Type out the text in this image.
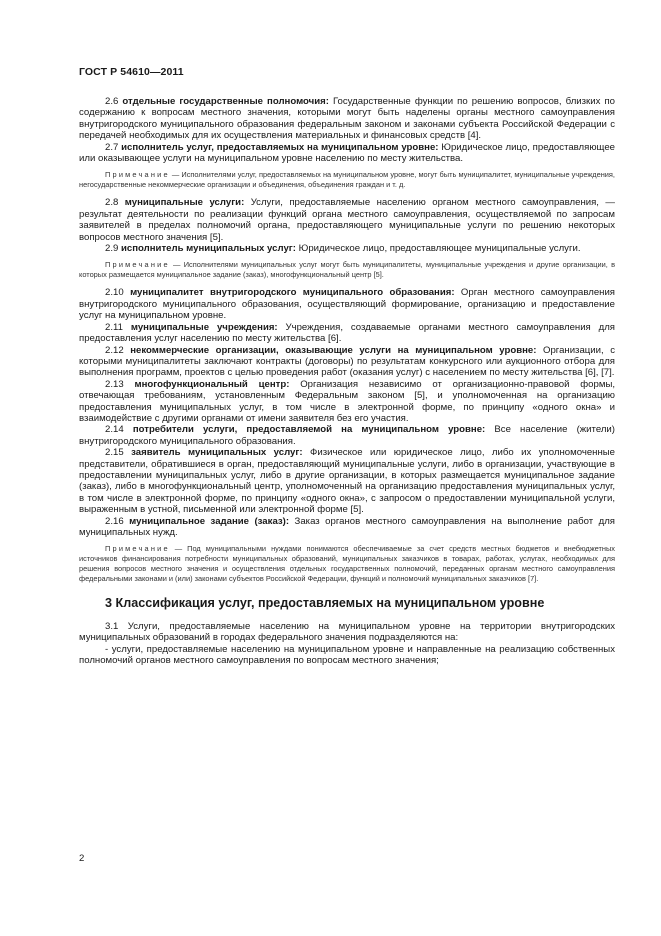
ГОСТ Р 54610—2011

2.6 отдельные государственные полномочия: Государственные функции по решению вопросов, близких по содержанию к вопросам местного значения, которыми могут быть наделены органы местного самоуправления внутригородского муниципального образования федеральным законом и законами субъекта Российской Федерации с передачей необходимых для их осуществления материальных и финансовых средств [4].

2.7 исполнитель услуг, предоставляемых на муниципальном уровне: Юридическое лицо, предоставляющее или оказывающее услуги на муниципальном уровне населению по месту жительства.

Примечание — Исполнителями услуг, предоставляемых на муниципальном уровне, могут быть муниципалитет, муниципальные учреждения, негосударственные некоммерческие организации и объединения, объединения граждан и т. д.

2.8 муниципальные услуги: Услуги, предоставляемые населению органом местного самоуправления, — результат деятельности по реализации функций органа местного самоуправления, осуществляемой по запросам заявителей в пределах полномочий органа, предоставляющего муниципальные услуги по решению некоторых вопросов местного значения [5].

2.9 исполнитель муниципальных услуг: Юридическое лицо, предоставляющее муниципальные услуги.

Примечание — Исполнителями муниципальных услуг могут быть муниципалитеты, муниципальные учреждения и другие организации, в которых размещается муниципальное задание (заказ), многофункциональный центр [5].

2.10 муниципалитет внутригородского муниципального образования: Орган местного самоуправления внутригородского муниципального образования, осуществляющий формирование, организацию и предоставление услуг на муниципальном уровне.

2.11 муниципальные учреждения: Учреждения, создаваемые органами местного самоуправления для предоставления услуг населению по месту жительства [6].

2.12 некоммерческие организации, оказывающие услуги на муниципальном уровне: Организации, с которыми муниципалитеты заключают контракты (договоры) по результатам конкурсного или аукционного отбора для выполнения программ, проектов с целью проведения работ (оказания услуг) с населением по месту жительства [6], [7].

2.13 многофункциональный центр: Организация независимо от организационно-правовой формы, отвечающая требованиям, установленным Федеральным законом [5], и уполномоченная на организацию предоставления муниципальных услуг, в том числе в электронной форме, по принципу «одного окна» и взаимодействие с другими органами от имени заявителя без его участия.

2.14 потребители услуги, предоставляемой на муниципальном уровне: Все население (жители) внутригородского муниципального образования.

2.15 заявитель муниципальных услуг: Физическое или юридическое лицо, либо их уполномоченные представители, обратившиеся в орган, предоставляющий муниципальные услуги, либо в организации, участвующие в предоставлении муниципальных услуг, либо в другие организации, в которых размещается муниципальное задание (заказ), либо в многофункциональный центр, уполномоченный на организацию предоставления муниципальных услуг, в том числе в электронной форме, по принципу «одного окна», с запросом о предоставлении муниципальной услуги, выраженным в устной, письменной или электронной форме [5].

2.16 муниципальное задание (заказ): Заказ органов местного самоуправления на выполнение работ для муниципальных нужд.

Примечание — Под муниципальными нуждами понимаются обеспечиваемые за счет средств местных бюджетов и внебюджетных источников финансирования потребности муниципальных образований, муниципальных заказчиков в товарах, работах, услугах, необходимых для решения вопросов местного значения и осуществления отдельных государственных полномочий, переданных органам местного самоуправления федеральными законами и (или) законами субъектов Российской Федерации, функций и полномочий муниципальных заказчиков [7].

3 Классификация услуг, предоставляемых на муниципальном уровне

3.1 Услуги, предоставляемые населению на муниципальном уровне на территории внутригородских муниципальных образований в городах федерального значения подразделяются на:

- услуги, предоставляемые населению на муниципальном уровне и направленные на реализацию собственных полномочий органов местного самоуправления по вопросам местного значения;

2
